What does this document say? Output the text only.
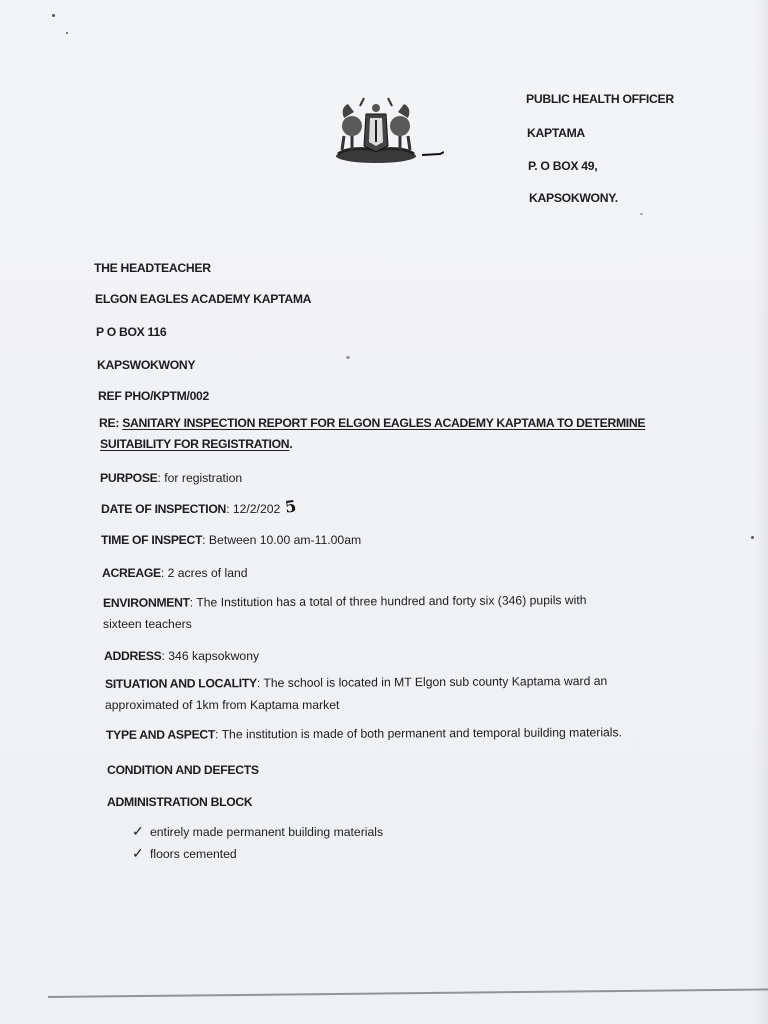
PUBLIC HEALTH OFFICER
KAPTAMA
P. O BOX 49,
KAPSOKWONY.
THE HEADTEACHER
ELGON EAGLES ACADEMY KAPTAMA
P O BOX 116
KAPSWOKWONY
REF PHO/KPTM/002
RE: SANITARY INSPECTION REPORT FOR ELGON EAGLES ACADEMY KAPTAMA TO DETERMINE
SUITABILITY FOR REGISTRATION.
PURPOSE: for registration
DATE OF INSPECTION: 12/2/202 5
TIME OF INSPECT: Between 10.00 am-11.00am
ACREAGE: 2 acres of land
ENVIRONMENT: The Institution has a total of three hundred and forty six (346) pupils with
sixteen teachers
ADDRESS: 346 kapsokwony
SITUATION AND LOCALITY: The school is located in MT Elgon sub county Kaptama ward an
approximated of 1km from Kaptama market
TYPE AND ASPECT: The institution is made of both permanent and temporal building materials.
CONDITION AND DEFECTS
ADMINISTRATION BLOCK
✓ entirely made permanent building materials
✓ floors cemented
